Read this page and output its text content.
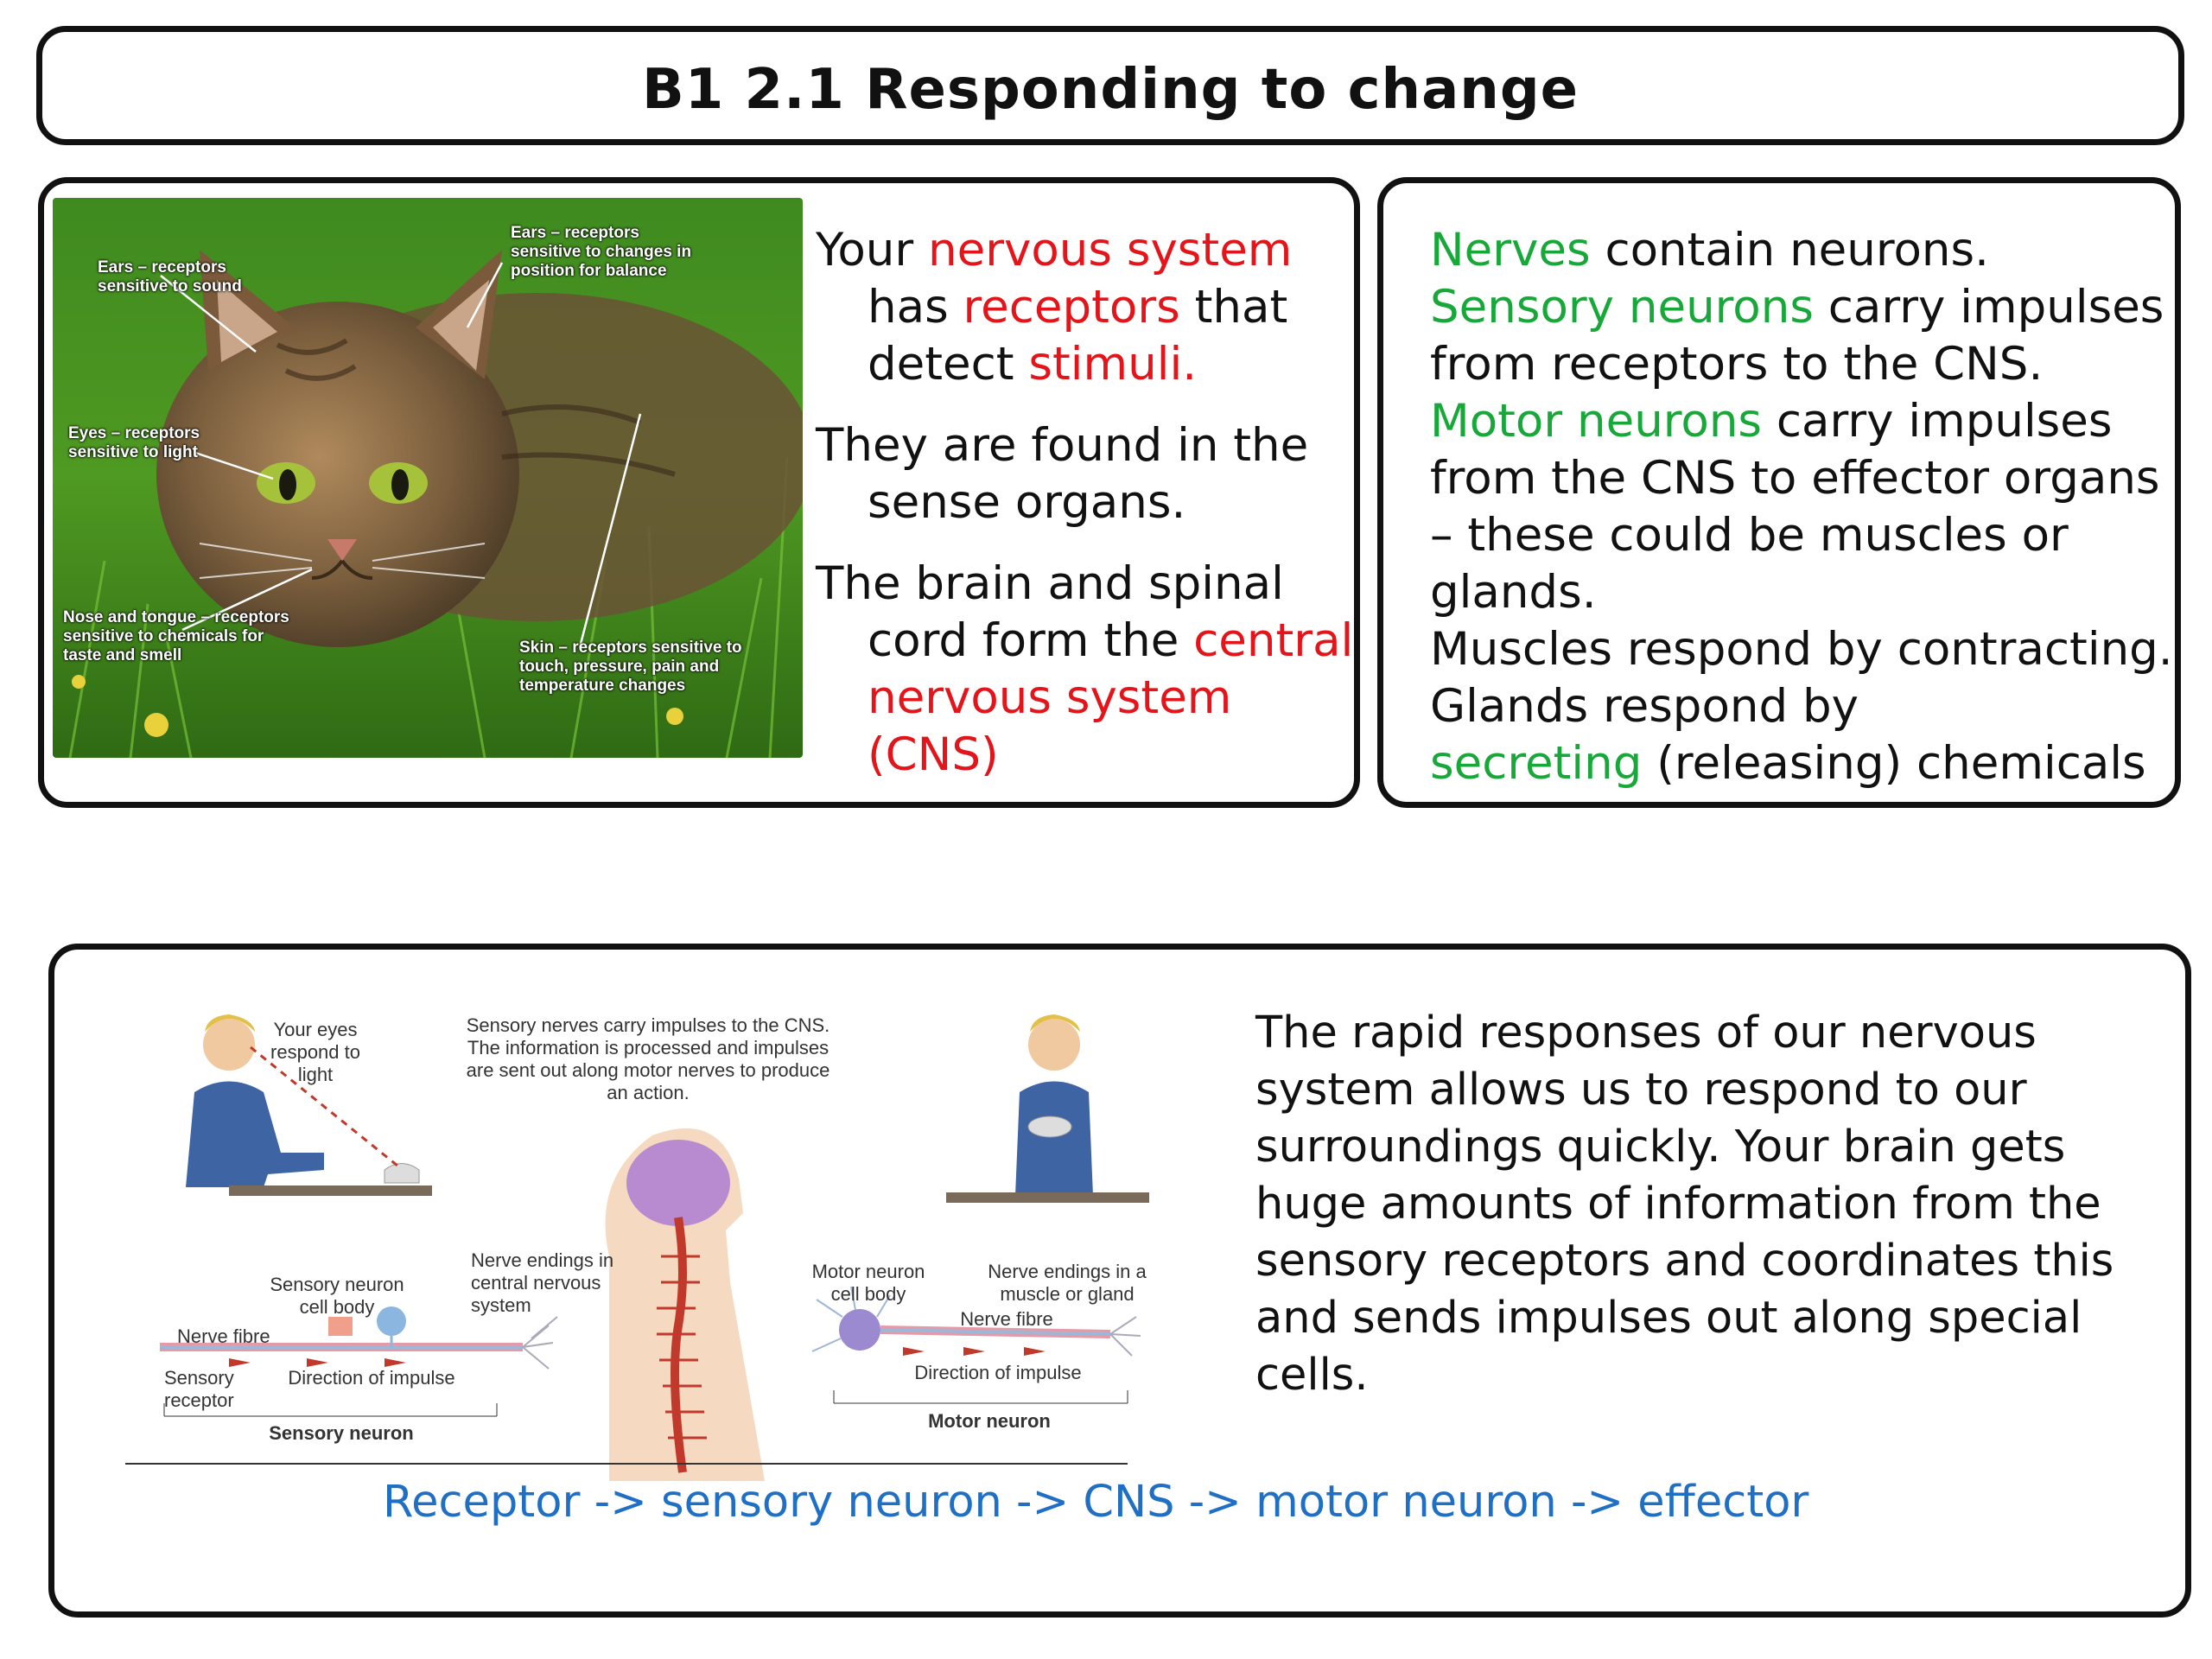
B1 2.1 Responding to change
Ears – receptors sensitive to sound
Ears – receptors sensitive to changes in position for balance
Eyes – receptors sensitive to light
Nose and tongue – receptors sensitive to chemicals for taste and smell	Skin – receptors sensitive to touch, pressure, pain and temperature changes

Your nervous system has receptors that detect stimuli.

They are found in the sense organs.

The brain and spinal cord form the central nervous system (CNS)

Nerves contain neurons.
Sensory neurons carry impulses from receptors to the CNS.
Motor neurons carry impulses from the CNS to effector organs – these could be muscles or glands.
Muscles respond by contracting. Glands respond by
secreting (releasing) chemicals
Your eyes respond to light
Sensory nerves carry impulses to the CNS. The information is processed and impulses are sent out along motor nerves to produce an action.
Sensory neuron cell body
Nerve endings in central nervous system
Nerve fibre
Sensory receptor
Direction of impulse
Sensory neuron
Motor neuron cell body
Nerve endings in a muscle or gland
Nerve fibre
Direction of impulse
Motor neuron
Receptor -> sensory neuron -> CNS -> motor neuron -> effector
The rapid responses of our nervous system allows us to respond to our surroundings quickly. Your brain gets huge amounts of information from the sensory receptors and coordinates this and sends impulses out along special cells.
